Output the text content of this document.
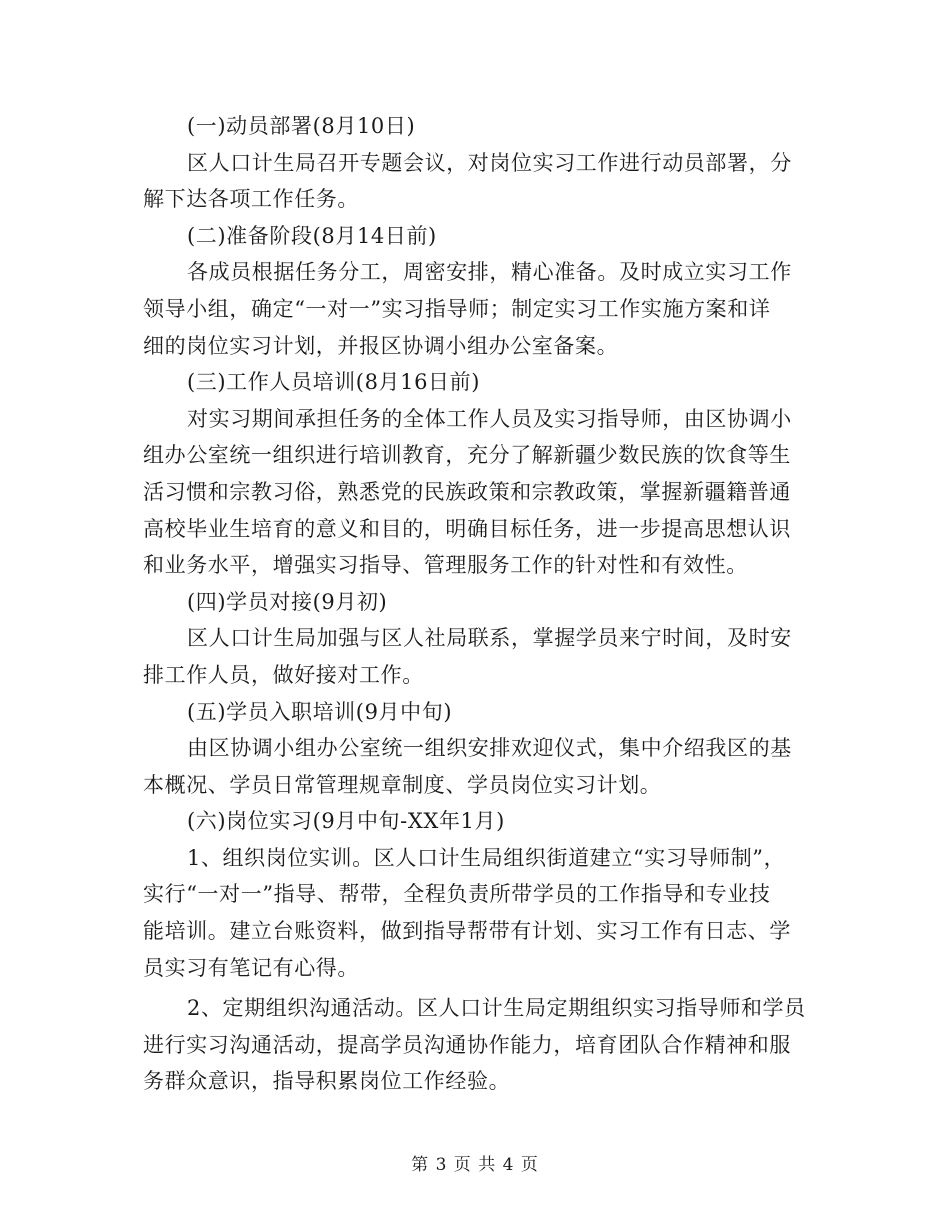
(一)动员部署(8月10日)
区人口计生局召开专题会议，对岗位实习工作进行动员部署，分
解下达各项工作任务。
(二)准备阶段(8月14日前)
各成员根据任务分工，周密安排，精心准备。及时成立实习工作
领导小组，确定“一对一”实习指导师；制定实习工作实施方案和详
细的岗位实习计划，并报区协调小组办公室备案。
(三)工作人员培训(8月16日前)
对实习期间承担任务的全体工作人员及实习指导师，由区协调小
组办公室统一组织进行培训教育，充分了解新疆少数民族的饮食等生
活习惯和宗教习俗，熟悉党的民族政策和宗教政策，掌握新疆籍普通
高校毕业生培育的意义和目的，明确目标任务，进一步提高思想认识
和业务水平，增强实习指导、管理服务工作的针对性和有效性。
(四)学员对接(9月初)
区人口计生局加强与区人社局联系，掌握学员来宁时间，及时安
排工作人员，做好接对工作。
(五)学员入职培训(9月中旬)
由区协调小组办公室统一组织安排欢迎仪式，集中介绍我区的基
本概况、学员日常管理规章制度、学员岗位实习计划。
(六)岗位实习(9月中旬-XX年1月)
1、组织岗位实训。区人口计生局组织街道建立“实习导师制”，
实行“一对一”指导、帮带，全程负责所带学员的工作指导和专业技
能培训。建立台账资料，做到指导帮带有计划、实习工作有日志、学
员实习有笔记有心得。
2、定期组织沟通活动。区人口计生局定期组织实习指导师和学员
进行实习沟通活动，提高学员沟通协作能力，培育团队合作精神和服
务群众意识，指导积累岗位工作经验。
第 3 页 共 4 页
